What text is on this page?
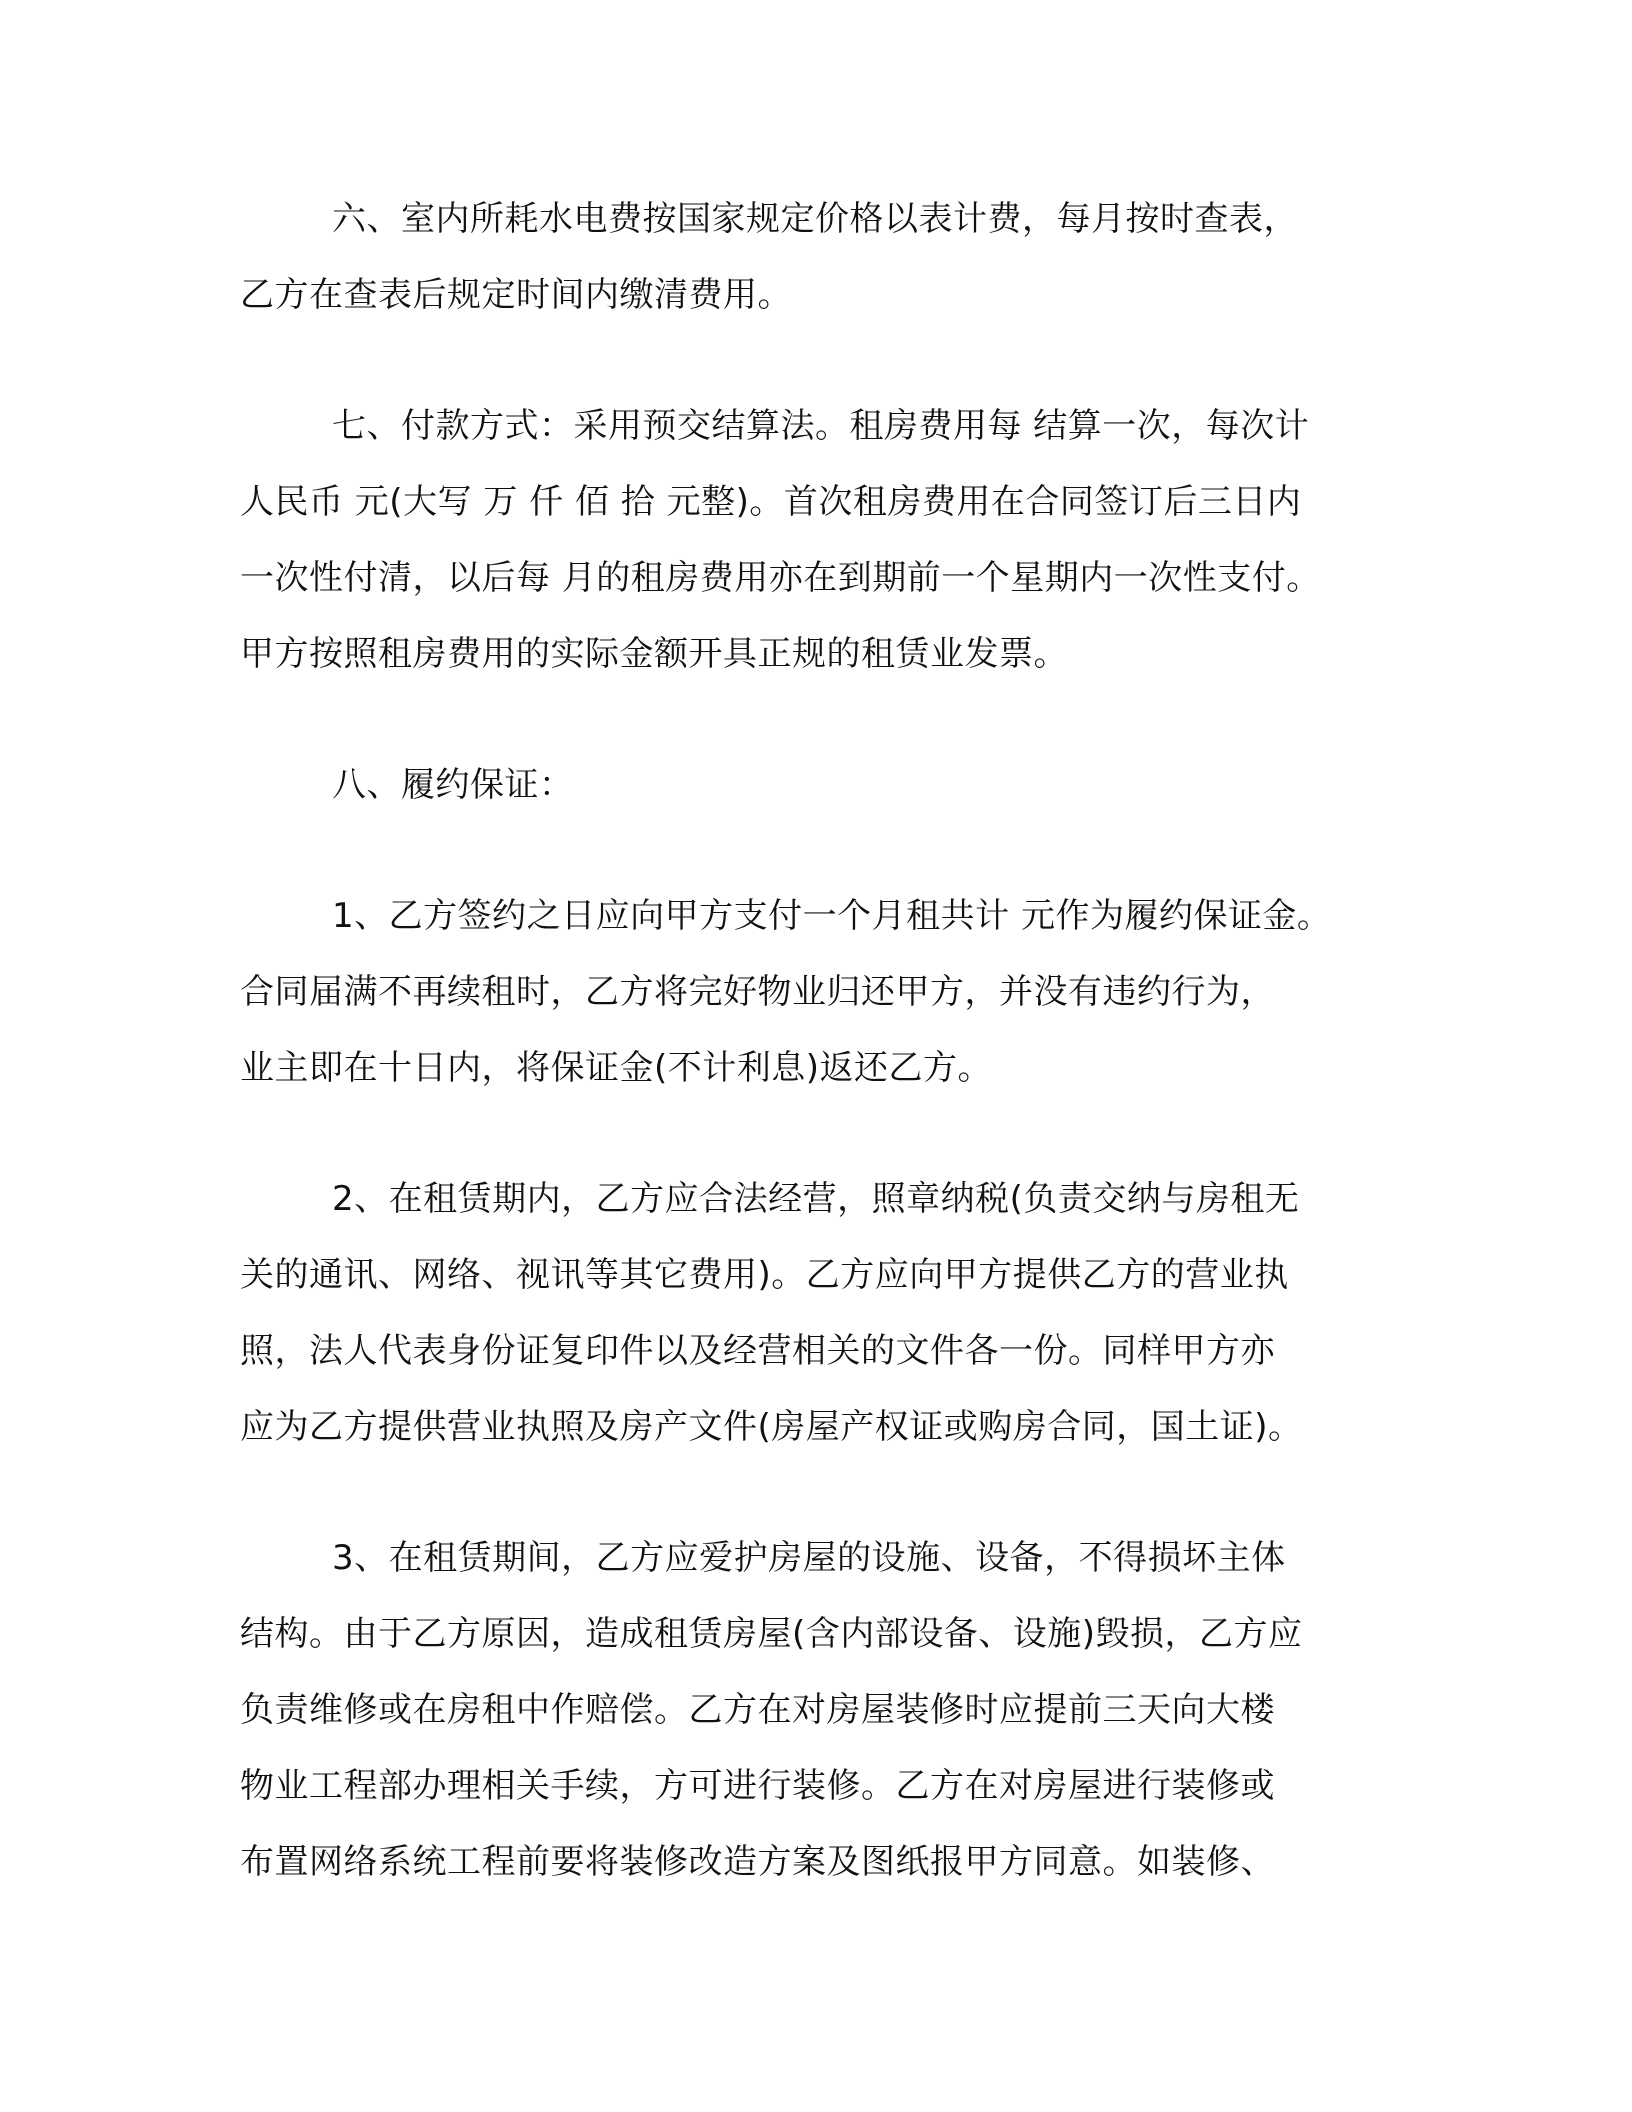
六、室内所耗水电费按国家规定价格以表计费，每月按时查表，
乙方在查表后规定时间内缴清费用。
七、付款方式：采用预交结算法。租房费用每 结算一次，每次计
人民币 元(大写 万 仟 佰 拾 元整)。首次租房费用在合同签订后三日内
一次性付清，以后每 月的租房费用亦在到期前一个星期内一次性支付。
甲方按照租房费用的实际金额开具正规的租赁业发票。
八、履约保证：
1、乙方签约之日应向甲方支付一个月租共计 元作为履约保证金。
合同届满不再续租时，乙方将完好物业归还甲方，并没有违约行为，
业主即在十日内，将保证金(不计利息)返还乙方。
2、在租赁期内，乙方应合法经营，照章纳税(负责交纳与房租无
关的通讯、网络、视讯等其它费用)。乙方应向甲方提供乙方的营业执
照，法人代表身份证复印件以及经营相关的文件各一份。同样甲方亦
应为乙方提供营业执照及房产文件(房屋产权证或购房合同，国土证)。
3、在租赁期间，乙方应爱护房屋的设施、设备，不得损坏主体
结构。由于乙方原因，造成租赁房屋(含内部设备、设施)毁损，乙方应
负责维修或在房租中作赔偿。乙方在对房屋装修时应提前三天向大楼
物业工程部办理相关手续，方可进行装修。乙方在对房屋进行装修或
布置网络系统工程前要将装修改造方案及图纸报甲方同意。如装修、
